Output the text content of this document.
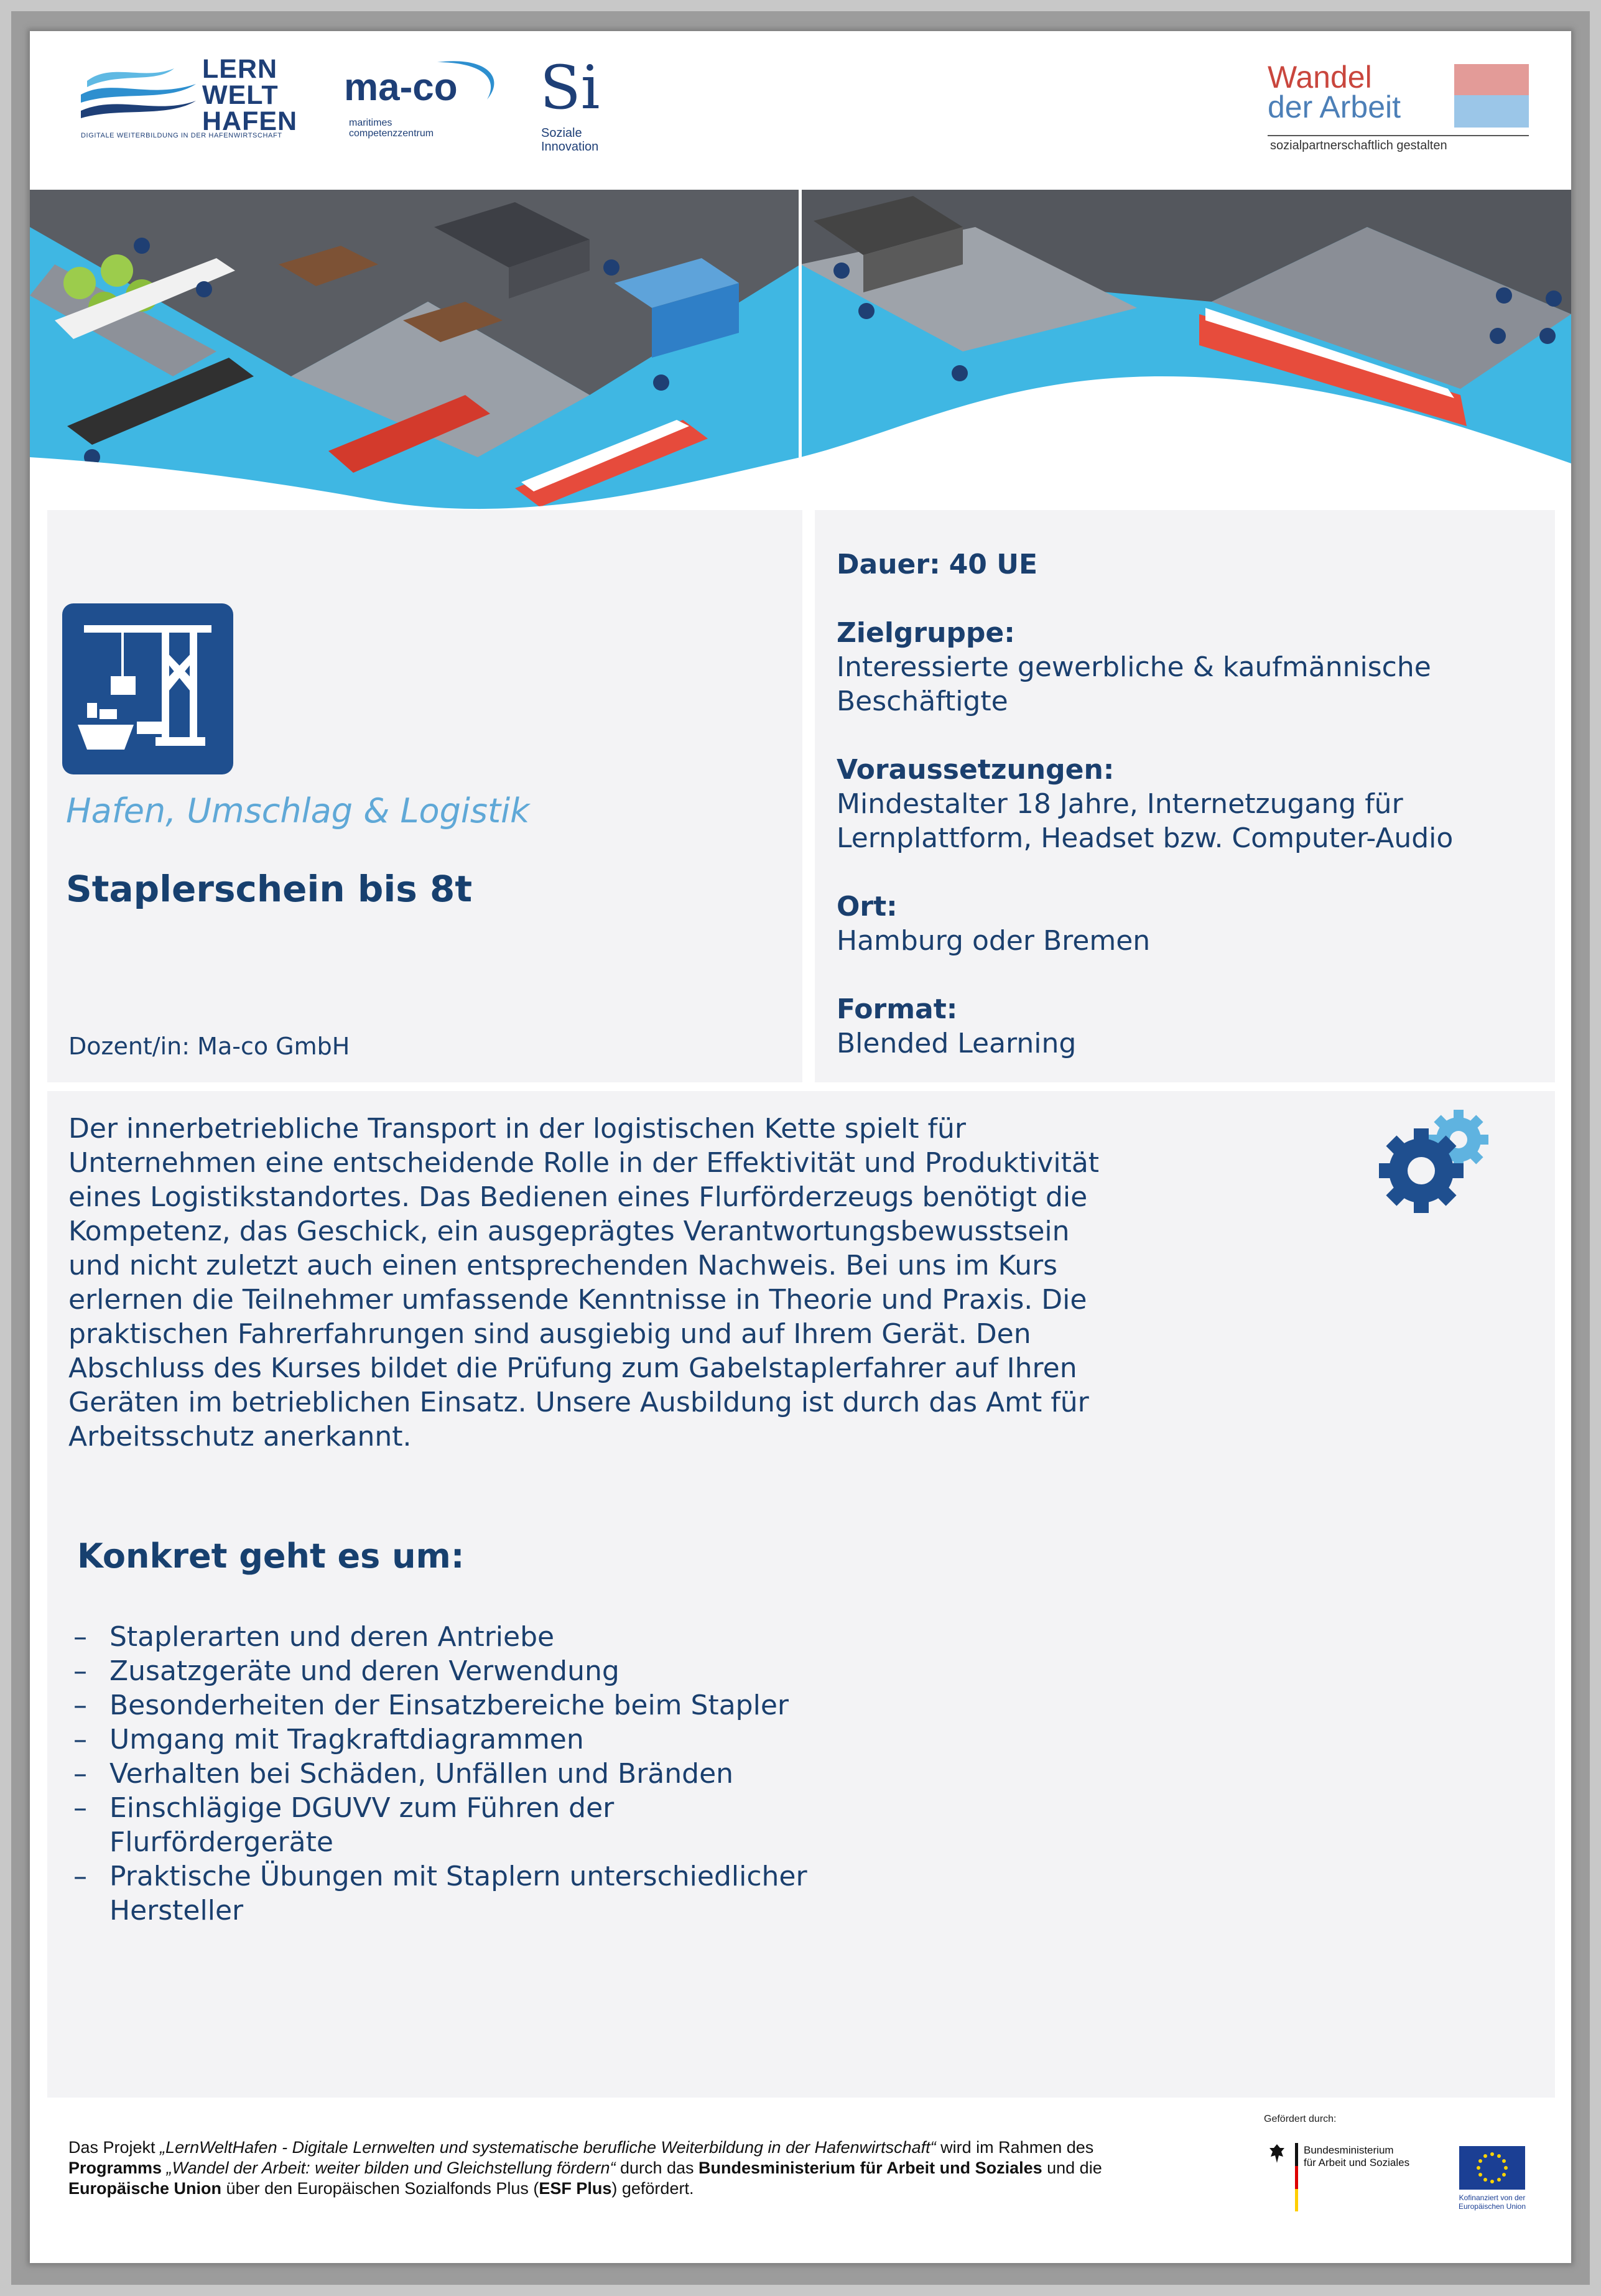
LERN
WELT
HAFEN
DIGITALE WEITERBILDUNG IN DER HAFENWIRTSCHAFT
ma-co
maritimes
competenzzentrum
Si
Soziale
Innovation
Wandel
der Arbeit
sozialpartnerschaftlich gestalten
Hafen, Umschlag & Logistik
Staplerschein bis 8t
Dozent/in: Ma-co GmbH
Dauer: 40 UE
Zielgruppe:
Interessierte gewerbliche & kaufmännische Beschäftigte
Voraussetzungen:
Mindestalter 18 Jahre, Internetzugang für Lernplattform, Headset bzw. Computer-Audio
Ort:
Hamburg oder Bremen
Format:
Blended Learning
Der innerbetriebliche Transport in der logistischen Kette spielt für Unternehmen eine entscheidende Rolle in der Effektivität und Produktivität eines Logistikstandortes. Das Bedienen eines Flurförderzeugs benötigt die Kompetenz, das Geschick, ein ausgeprägtes Verantwortungsbewusstsein und nicht zuletzt auch einen entsprechenden Nachweis. Bei uns im Kurs erlernen die Teilnehmer umfassende Kenntnisse in Theorie und Praxis. Die praktischen Fahrerfahrungen sind ausgiebig und auf Ihrem Gerät. Den Abschluss des Kurses bildet die Prüfung zum Gabelstaplerfahrer auf Ihren Geräten im betrieblichen Einsatz. Unsere Ausbildung ist durch das Amt für Arbeitsschutz anerkannt.
Konkret geht es um:
– Staplerarten und deren Antriebe
– Zusatzgeräte und deren Verwendung
– Besonderheiten der Einsatzbereiche beim Stapler
– Umgang mit Tragkraftdiagrammen
– Verhalten bei Schäden, Unfällen und Bränden
– Einschlägige DGUVV zum Führen der Flurfördergeräte
– Praktische Übungen mit Staplern unterschiedlicher Hersteller
Das Projekt „LernWeltHafen - Digitale Lernwelten und systematische berufliche Weiterbildung in der Hafenwirtschaft“ wird im Rahmen des Programms „Wandel der Arbeit: weiter bilden und Gleichstellung fördern“ durch das Bundesministerium für Arbeit und Soziales und die Europäische Union über den Europäischen Sozialfonds Plus (ESF Plus) gefördert.
Gefördert durch:
Bundesministerium
für Arbeit und Soziales
Kofinanziert von der
Europäischen Union
